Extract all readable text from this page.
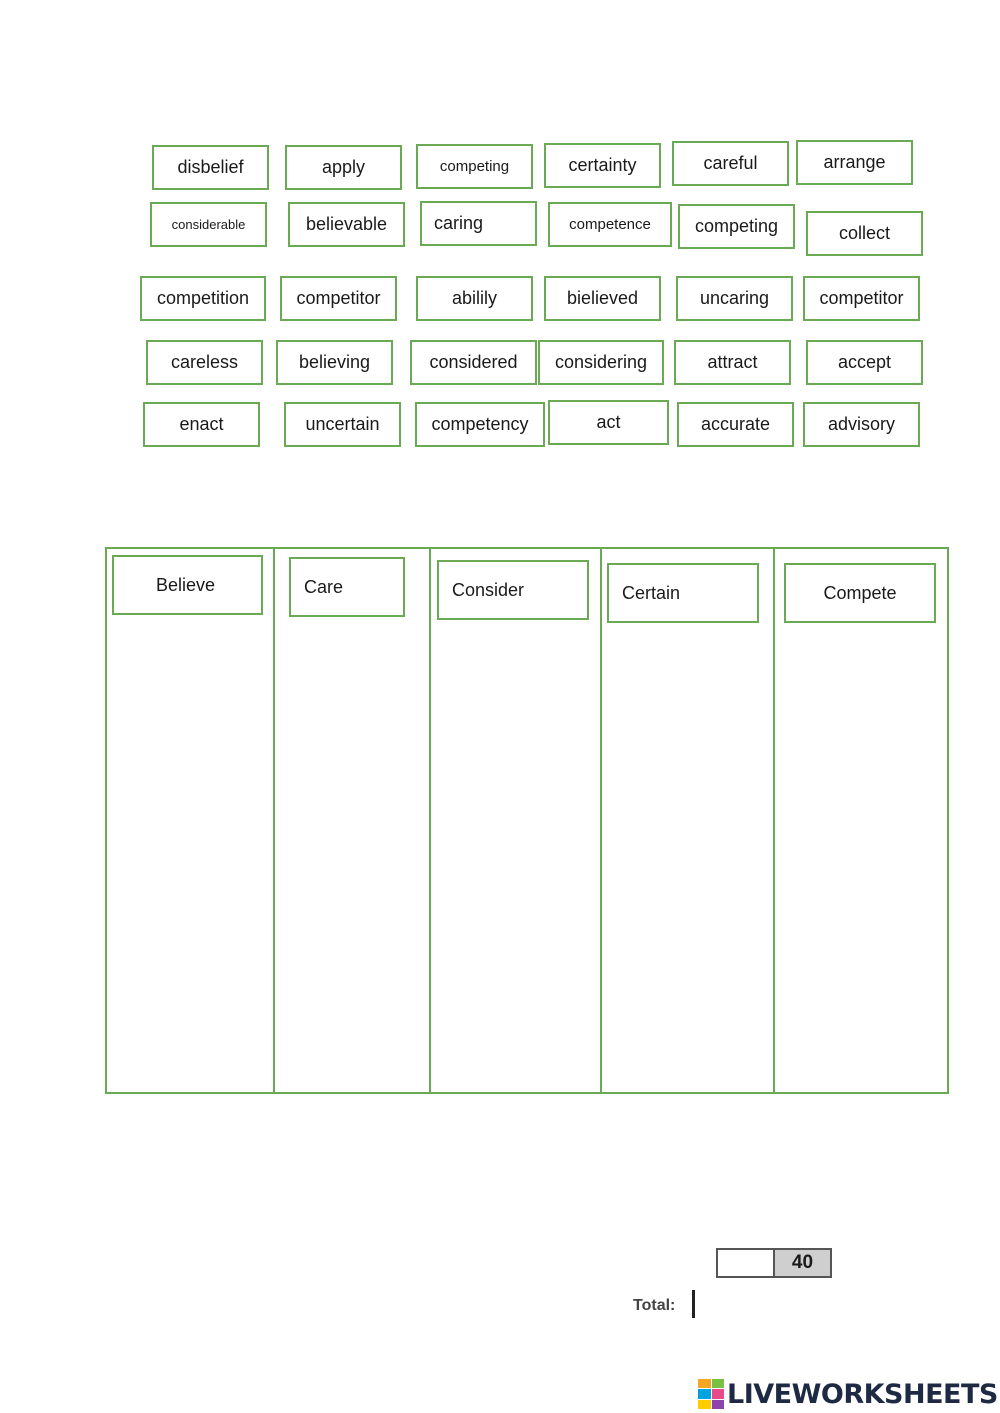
disbelief	apply	competing	certainty	careful	arrange
considerable	believable	caring	competence	competing	collect
competition	competitor	abilily	bielieved	uncaring	competitor
careless	believing	considered	considering	attract	accept
enact	uncertain	competency	act	accurate	advisory
Believe	Care	Consider	Certain	Compete
40
Total:
LIVEWORKSHEETS
